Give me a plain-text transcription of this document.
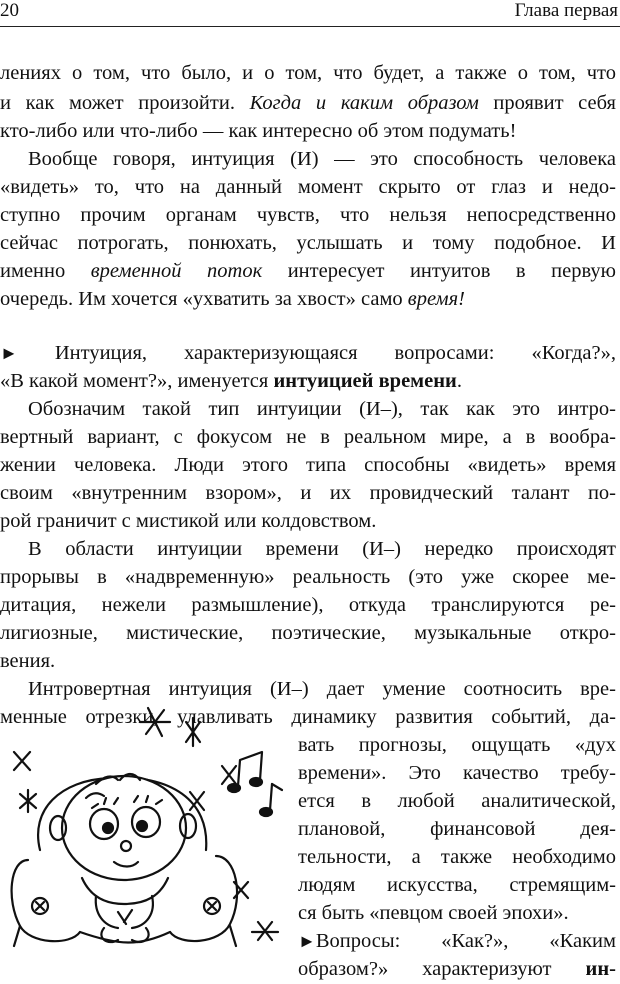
20	Глава первая
лениях о том, что было, и о том, что будет, а также о том, что
и как может произойти. Когда и каким образом проявит себя
кто-либо или что-либо — как интересно об этом подумать!
Вообще говоря, интуиция (И) — это способность человека
«видеть» то, что на данный момент скрыто от глаз и недо-
ступно прочим органам чувств, что нельзя непосредственно
сейчас потрогать, понюхать, услышать и тому подобное. И
именно временной поток интересует интуитов в первую
очередь. Им хочется «ухватить за хвост» само время!
► Интуиция, характеризующаяся вопросами: «Когда?»,
«В какой момент?», именуется интуицией времени.
Обозначим такой тип интуиции (И–), так как это интро-
вертный вариант, с фокусом не в реальном мире, а в вообра-
жении человека. Люди этого типа способны «видеть» время
своим «внутренним взором», и их провидческий талант по-
рой граничит с мистикой или колдовством.
В области интуиции времени (И–) нередко происходят
прорывы в «надвременную» реальность (это уже скорее ме-
дитация, нежели размышление), откуда транслируются ре-
лигиозные, мистические, поэтические, музыкальные откро-
вения.
Интровертная интуиция (И–) дает умение соотносить вре-
менные отрезки, улавливать динамику развития событий, да-
вать прогнозы, ощущать «дух
времени». Это качество требу-
ется в любой аналитической,
плановой, финансовой дея-
тельности, а также необходимо
людям искусства, стремящим-
ся быть «певцом своей эпохи».
►Вопросы: «Как?», «Каким
образом?» характеризуют ин-
